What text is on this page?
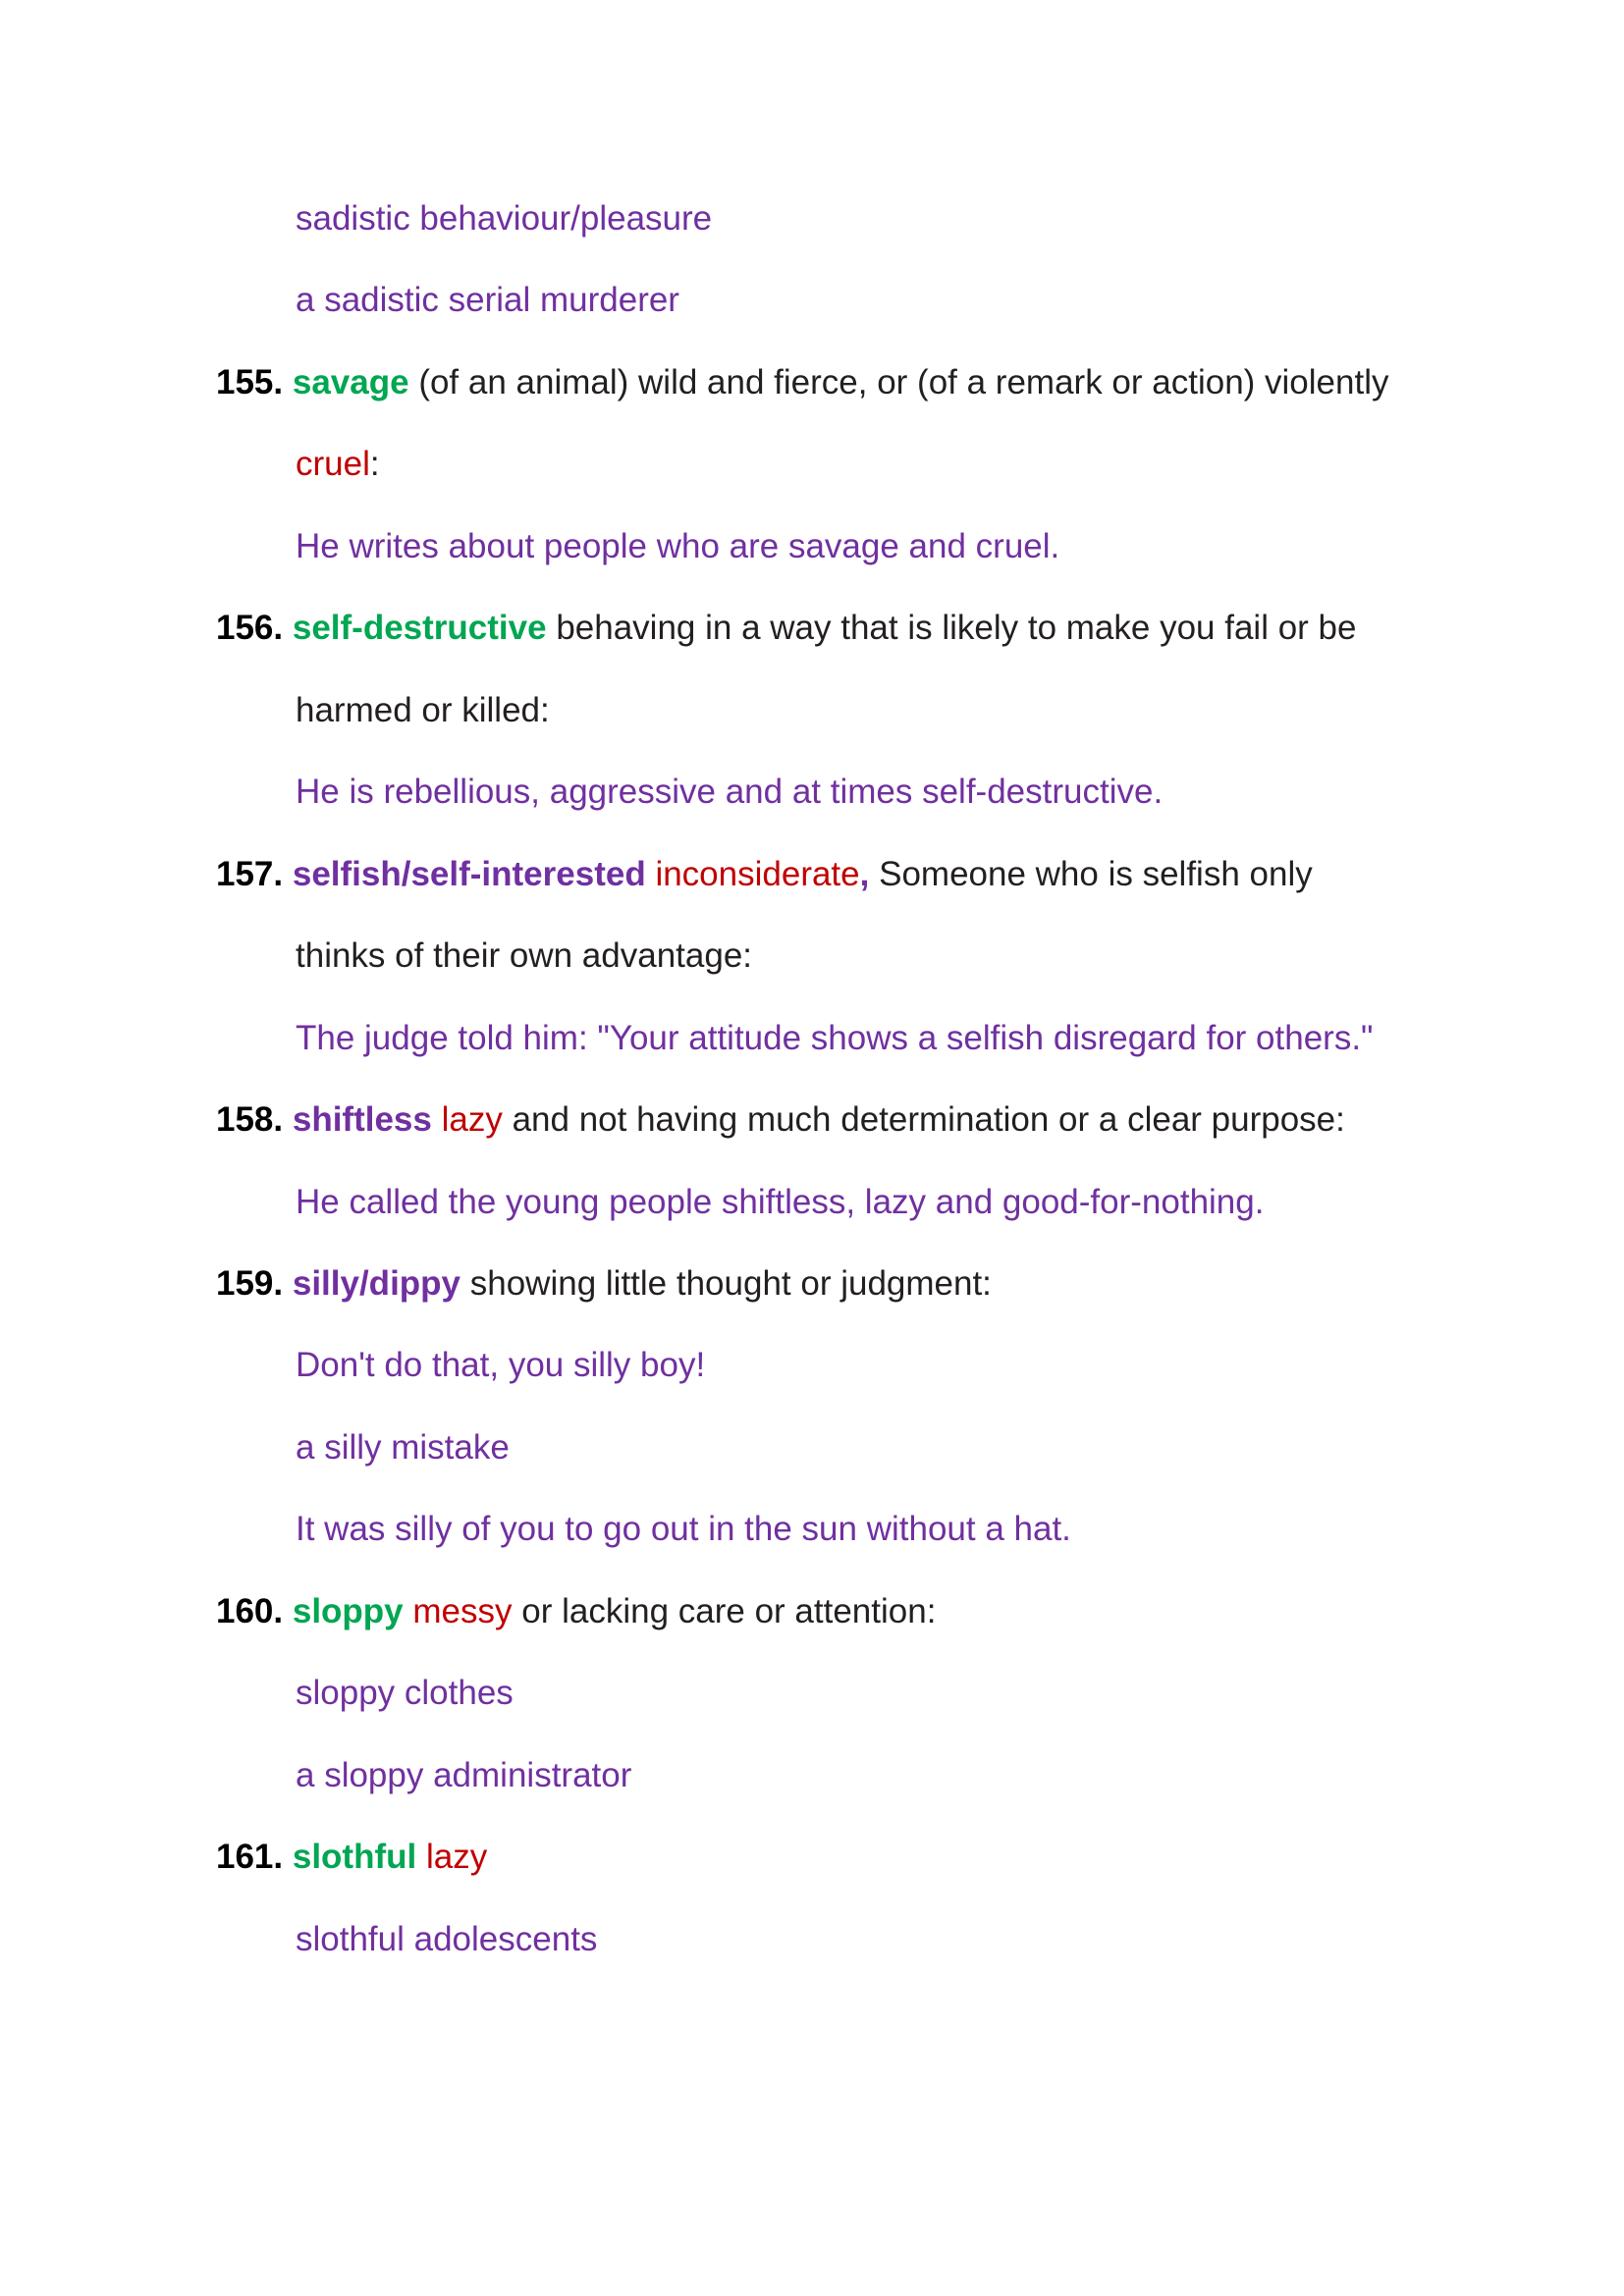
sadistic behaviour/pleasure
a sadistic serial murderer
155. savage (of an animal) wild and fierce, or (of a remark or action) violently
cruel:
He writes about people who are savage and cruel.
156. self-destructive behaving in a way that is likely to make you fail or be
harmed or killed:
He is rebellious, aggressive and at times self-destructive.
157. selfish/self-interested inconsiderate, Someone who is selfish only
thinks of their own advantage:
The judge told him: "Your attitude shows a selfish disregard for others."
158. shiftless lazy and not having much determination or a clear purpose:
He called the young people shiftless, lazy and good-for-nothing.
159. silly/dippy showing little thought or judgment:
Don't do that, you silly boy!
a silly mistake
It was silly of you to go out in the sun without a hat.
160. sloppy messy or lacking care or attention:
sloppy clothes
a sloppy administrator
161. slothful lazy
slothful adolescents
